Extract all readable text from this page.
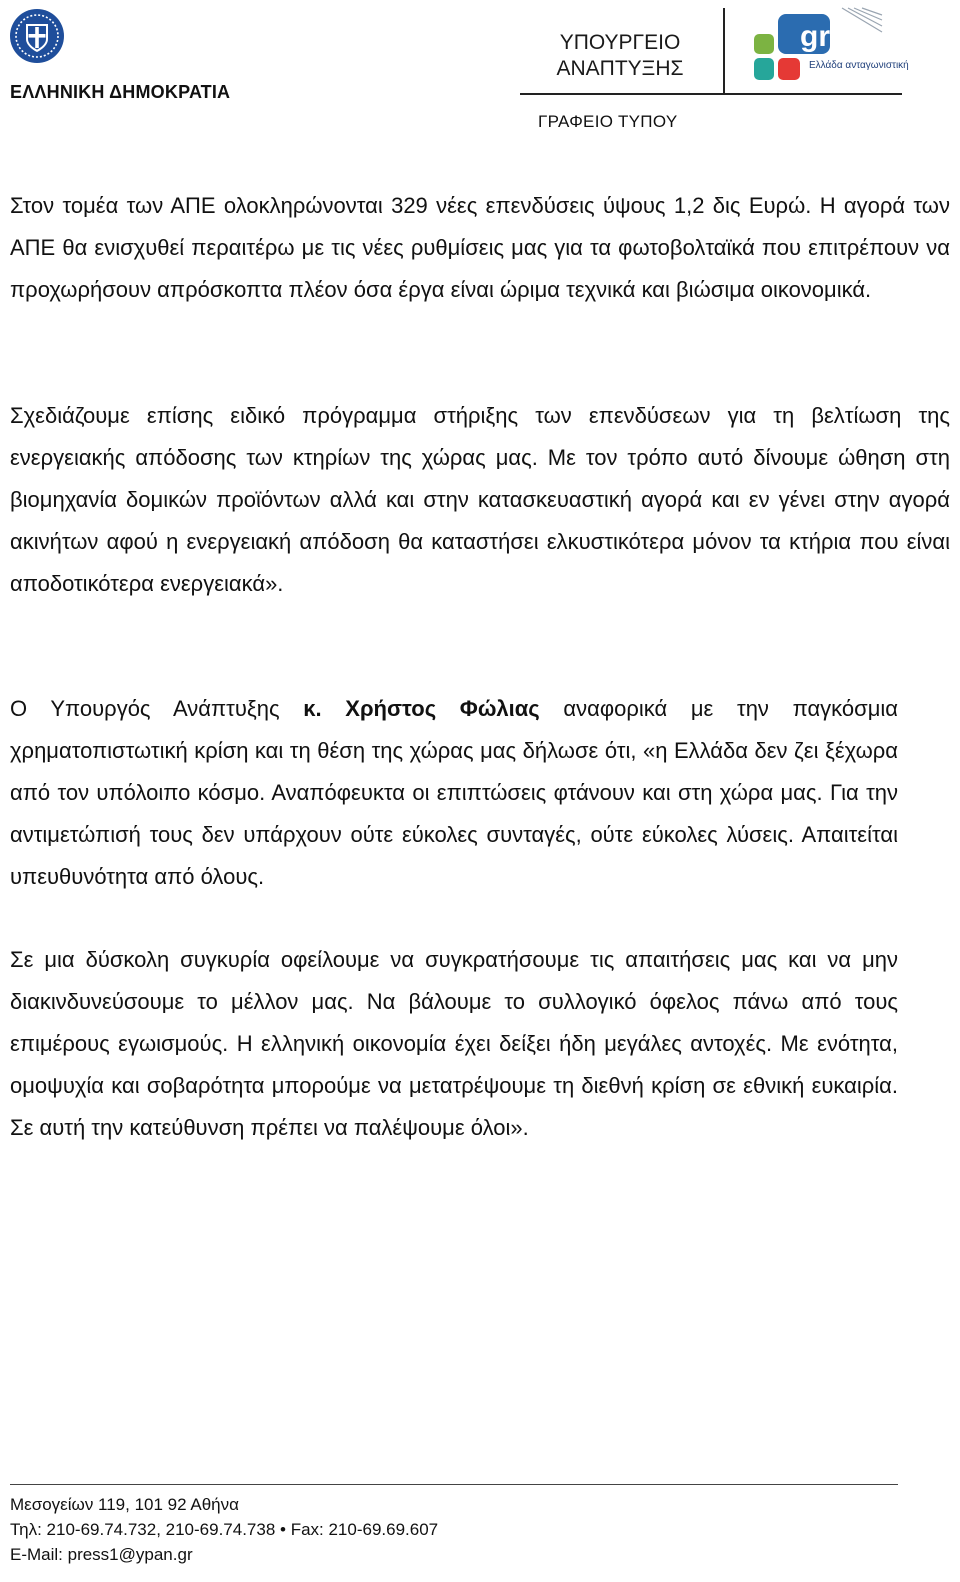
ΕΛΛΗΝΙΚΗ ΔΗΜΟΚΡΑΤΙΑ
ΥΠΟΥΡΓΕΙΟ
ΑΝΑΠΤΥΞΗΣ
gr
Ελλάδα ανταγωνιστική
ΓΡΑΦΕΙΟ ΤΥΠΟΥ

Στον τομέα των ΑΠΕ ολοκληρώνονται 329 νέες επενδύσεις ύψους 1,2 δις Ευρώ. Η αγορά των ΑΠΕ θα ενισχυθεί περαιτέρω με τις νέες ρυθμίσεις μας για τα φωτοβολταϊκά που επιτρέπουν να προχωρήσουν απρόσκοπτα πλέον όσα έργα είναι ώριμα τεχνικά και βιώσιμα οικονομικά.

Σχεδιάζουμε επίσης ειδικό πρόγραμμα στήριξης των επενδύσεων για τη βελτίωση της ενεργειακής απόδοσης των κτηρίων της χώρας μας. Με τον τρόπο αυτό δίνουμε ώθηση στη βιομηχανία δομικών προϊόντων αλλά και στην κατασκευαστική αγορά και εν γένει στην αγορά ακινήτων αφού η ενεργειακή απόδοση θα καταστήσει ελκυστικότερα μόνον τα κτήρια που είναι αποδοτικότερα ενεργειακά».

Ο Υπουργός Ανάπτυξης κ. Χρήστος Φώλιας αναφορικά με την παγκόσμια χρηματοπιστωτική κρίση και τη θέση της χώρας μας δήλωσε ότι, «η Ελλάδα δεν ζει ξέχωρα από τον υπόλοιπο κόσμο. Αναπόφευκτα οι επιπτώσεις φτάνουν και στη χώρα μας. Για την αντιμετώπισή τους δεν υπάρχουν ούτε εύκολες συνταγές, ούτε εύκολες λύσεις. Απαιτείται υπευθυνότητα από όλους.

Σε μια δύσκολη συγκυρία οφείλουμε να συγκρατήσουμε τις απαιτήσεις μας και να μην διακινδυνεύσουμε το μέλλον μας. Να βάλουμε το συλλογικό όφελος πάνω από τους επιμέρους εγωισμούς. Η ελληνική οικονομία έχει δείξει ήδη μεγάλες αντοχές. Με ενότητα, ομοψυχία και σοβαρότητα μπορούμε να μετατρέψουμε τη διεθνή κρίση σε εθνική ευκαιρία. Σε αυτή την κατεύθυνση πρέπει να παλέψουμε όλοι».

Μεσογείων 119, 101 92 Αθήνα
Τηλ: 210-69.74.732, 210-69.74.738 • Fax: 210-69.69.607
E-Mail: press1@ypan.gr
